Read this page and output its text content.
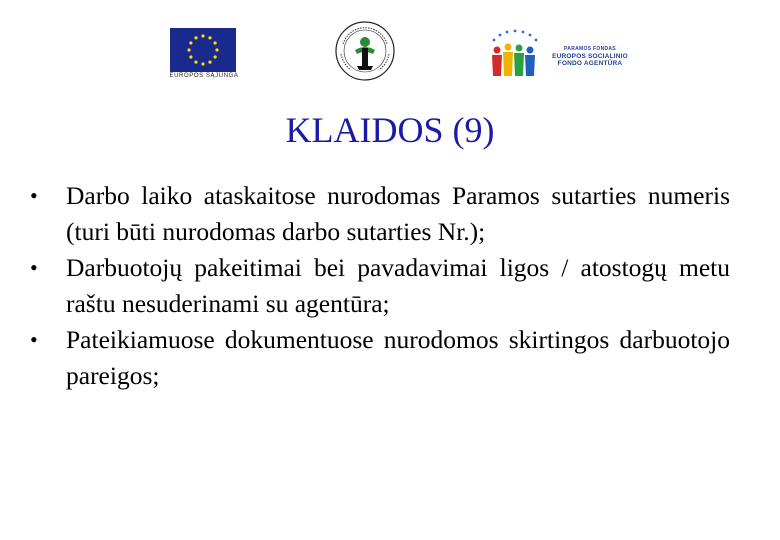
EUROPOS SĄJUNGA
PARAMOS FONDAS
EUROPOS SOCIALINIO
FONDO AGENTŪRA
KLAIDOS (9)
• Darbo laiko ataskaitose nurodomas Paramos sutarties numeris (turi būti nurodomas darbo sutarties Nr.);
• Darbuotojų pakeitimai bei pavadavimai ligos / atostogų metu raštu nesuderinami su agentūra;
• Pateikiamuose dokumentuose nurodomos skirtingos darbuotojo pareigos;
